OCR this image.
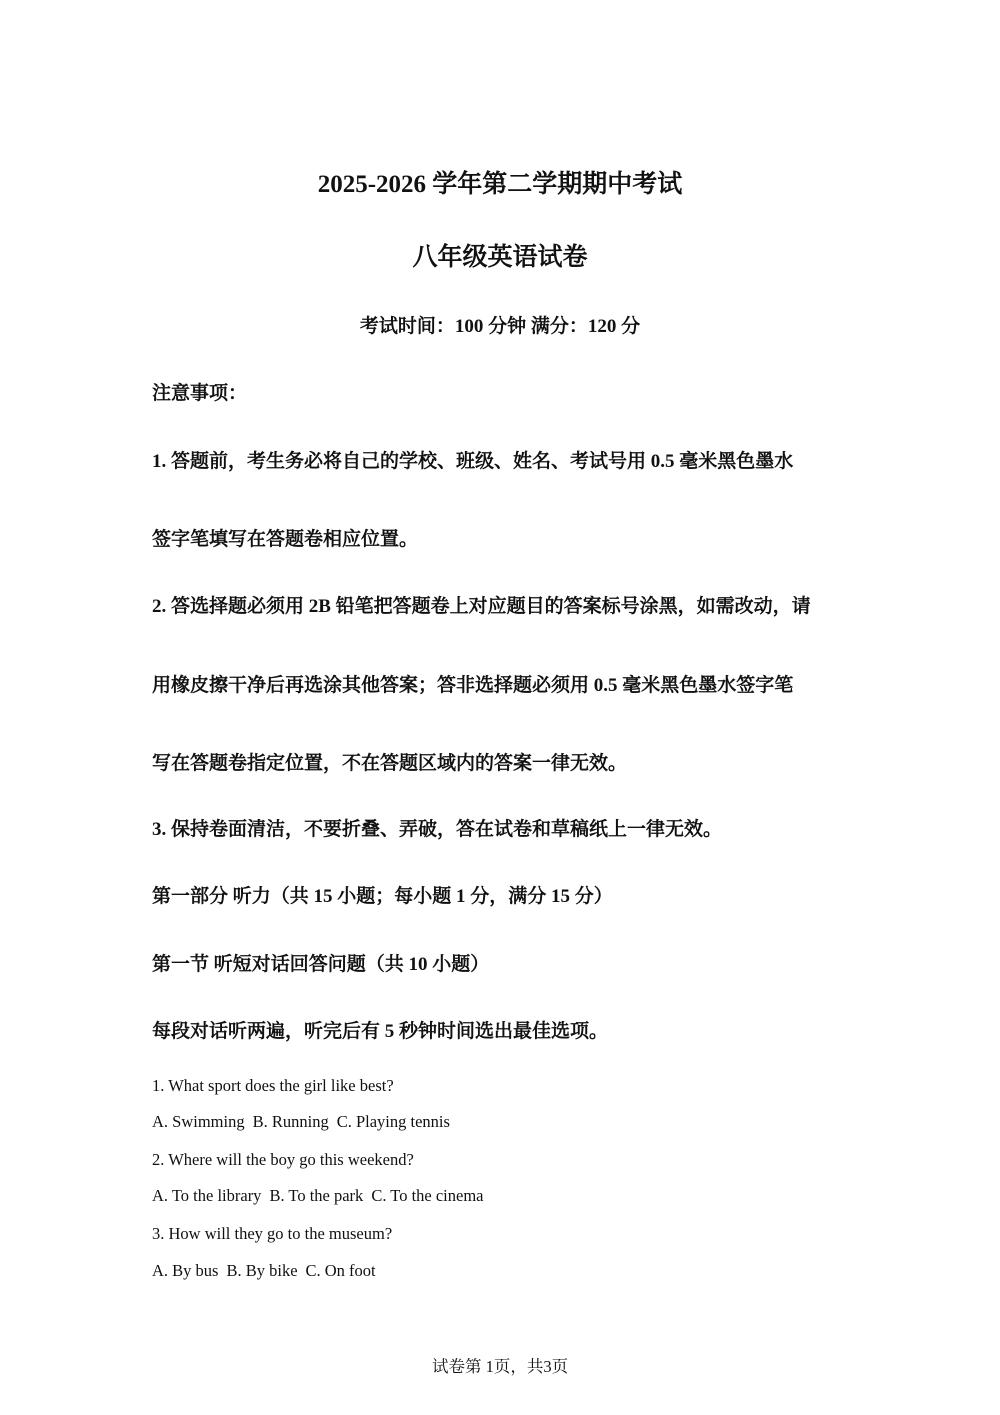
2025-2026 学年第二学期期中考试
八年级英语试卷
考试时间：100 分钟 满分：120 分
注意事项：
1. 答题前，考生务必将自己的学校、班级、姓名、考试号用 0.5 毫米黑色墨水
签字笔填写在答题卷相应位置。
2. 答选择题必须用 2B 铅笔把答题卷上对应题目的答案标号涂黑，如需改动，请
用橡皮擦干净后再选涂其他答案；答非选择题必须用 0.5 毫米黑色墨水签字笔
写在答题卷指定位置，不在答题区域内的答案一律无效。
3. 保持卷面清洁，不要折叠、弄破，答在试卷和草稿纸上一律无效。
第一部分 听力（共 15 小题；每小题 1 分，满分 15 分）
第一节 听短对话回答问题（共 10 小题）
每段对话听两遍，听完后有 5 秒钟时间选出最佳选项。
1. What sport does the girl like best?
A. Swimming B. Running C. Playing tennis
2. Where will the boy go this weekend?
A. To the library B. To the park C. To the cinema
3. How will they go to the museum?
A. By bus B. By bike C. On foot
试卷第 1页，共3页
